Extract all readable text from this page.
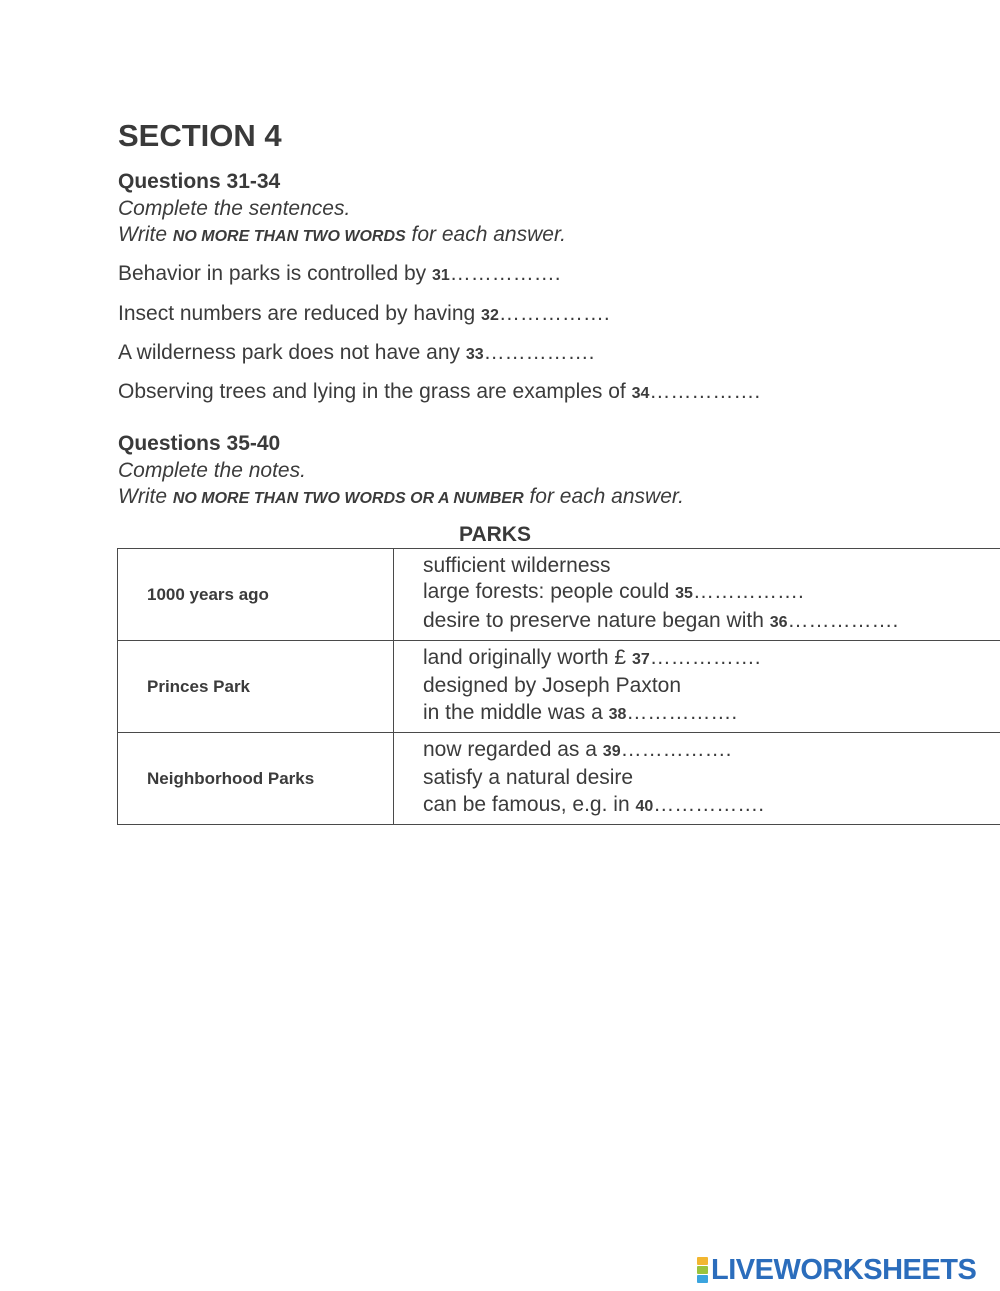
SECTION 4
Questions 31-34

Complete the sentences.

Write NO MORE THAN TWO WORDS for each answer.

Behavior in parks is controlled by 31…………….

Insect numbers are reduced by having 32…………….

A wilderness park does not have any 33…………….

Observing trees and lying in the grass are examples of 34…………….

Questions 35-40

Complete the notes.

Write NO MORE THAN TWO WORDS OR A NUMBER for each answer.

PARKS
1000 years ago	sufficient wilderness
large forests: people could 35…………….
desire to preserve nature began with 36…………….

Princes Park	land originally worth £ 37…………….
designed by Joseph Paxton
in the middle was a 38…………….

Neighborhood Parks	now regarded as a 39…………….
satisfy a natural desire
can be famous, e.g. in 40…………….
LIVEWORKSHEETS
